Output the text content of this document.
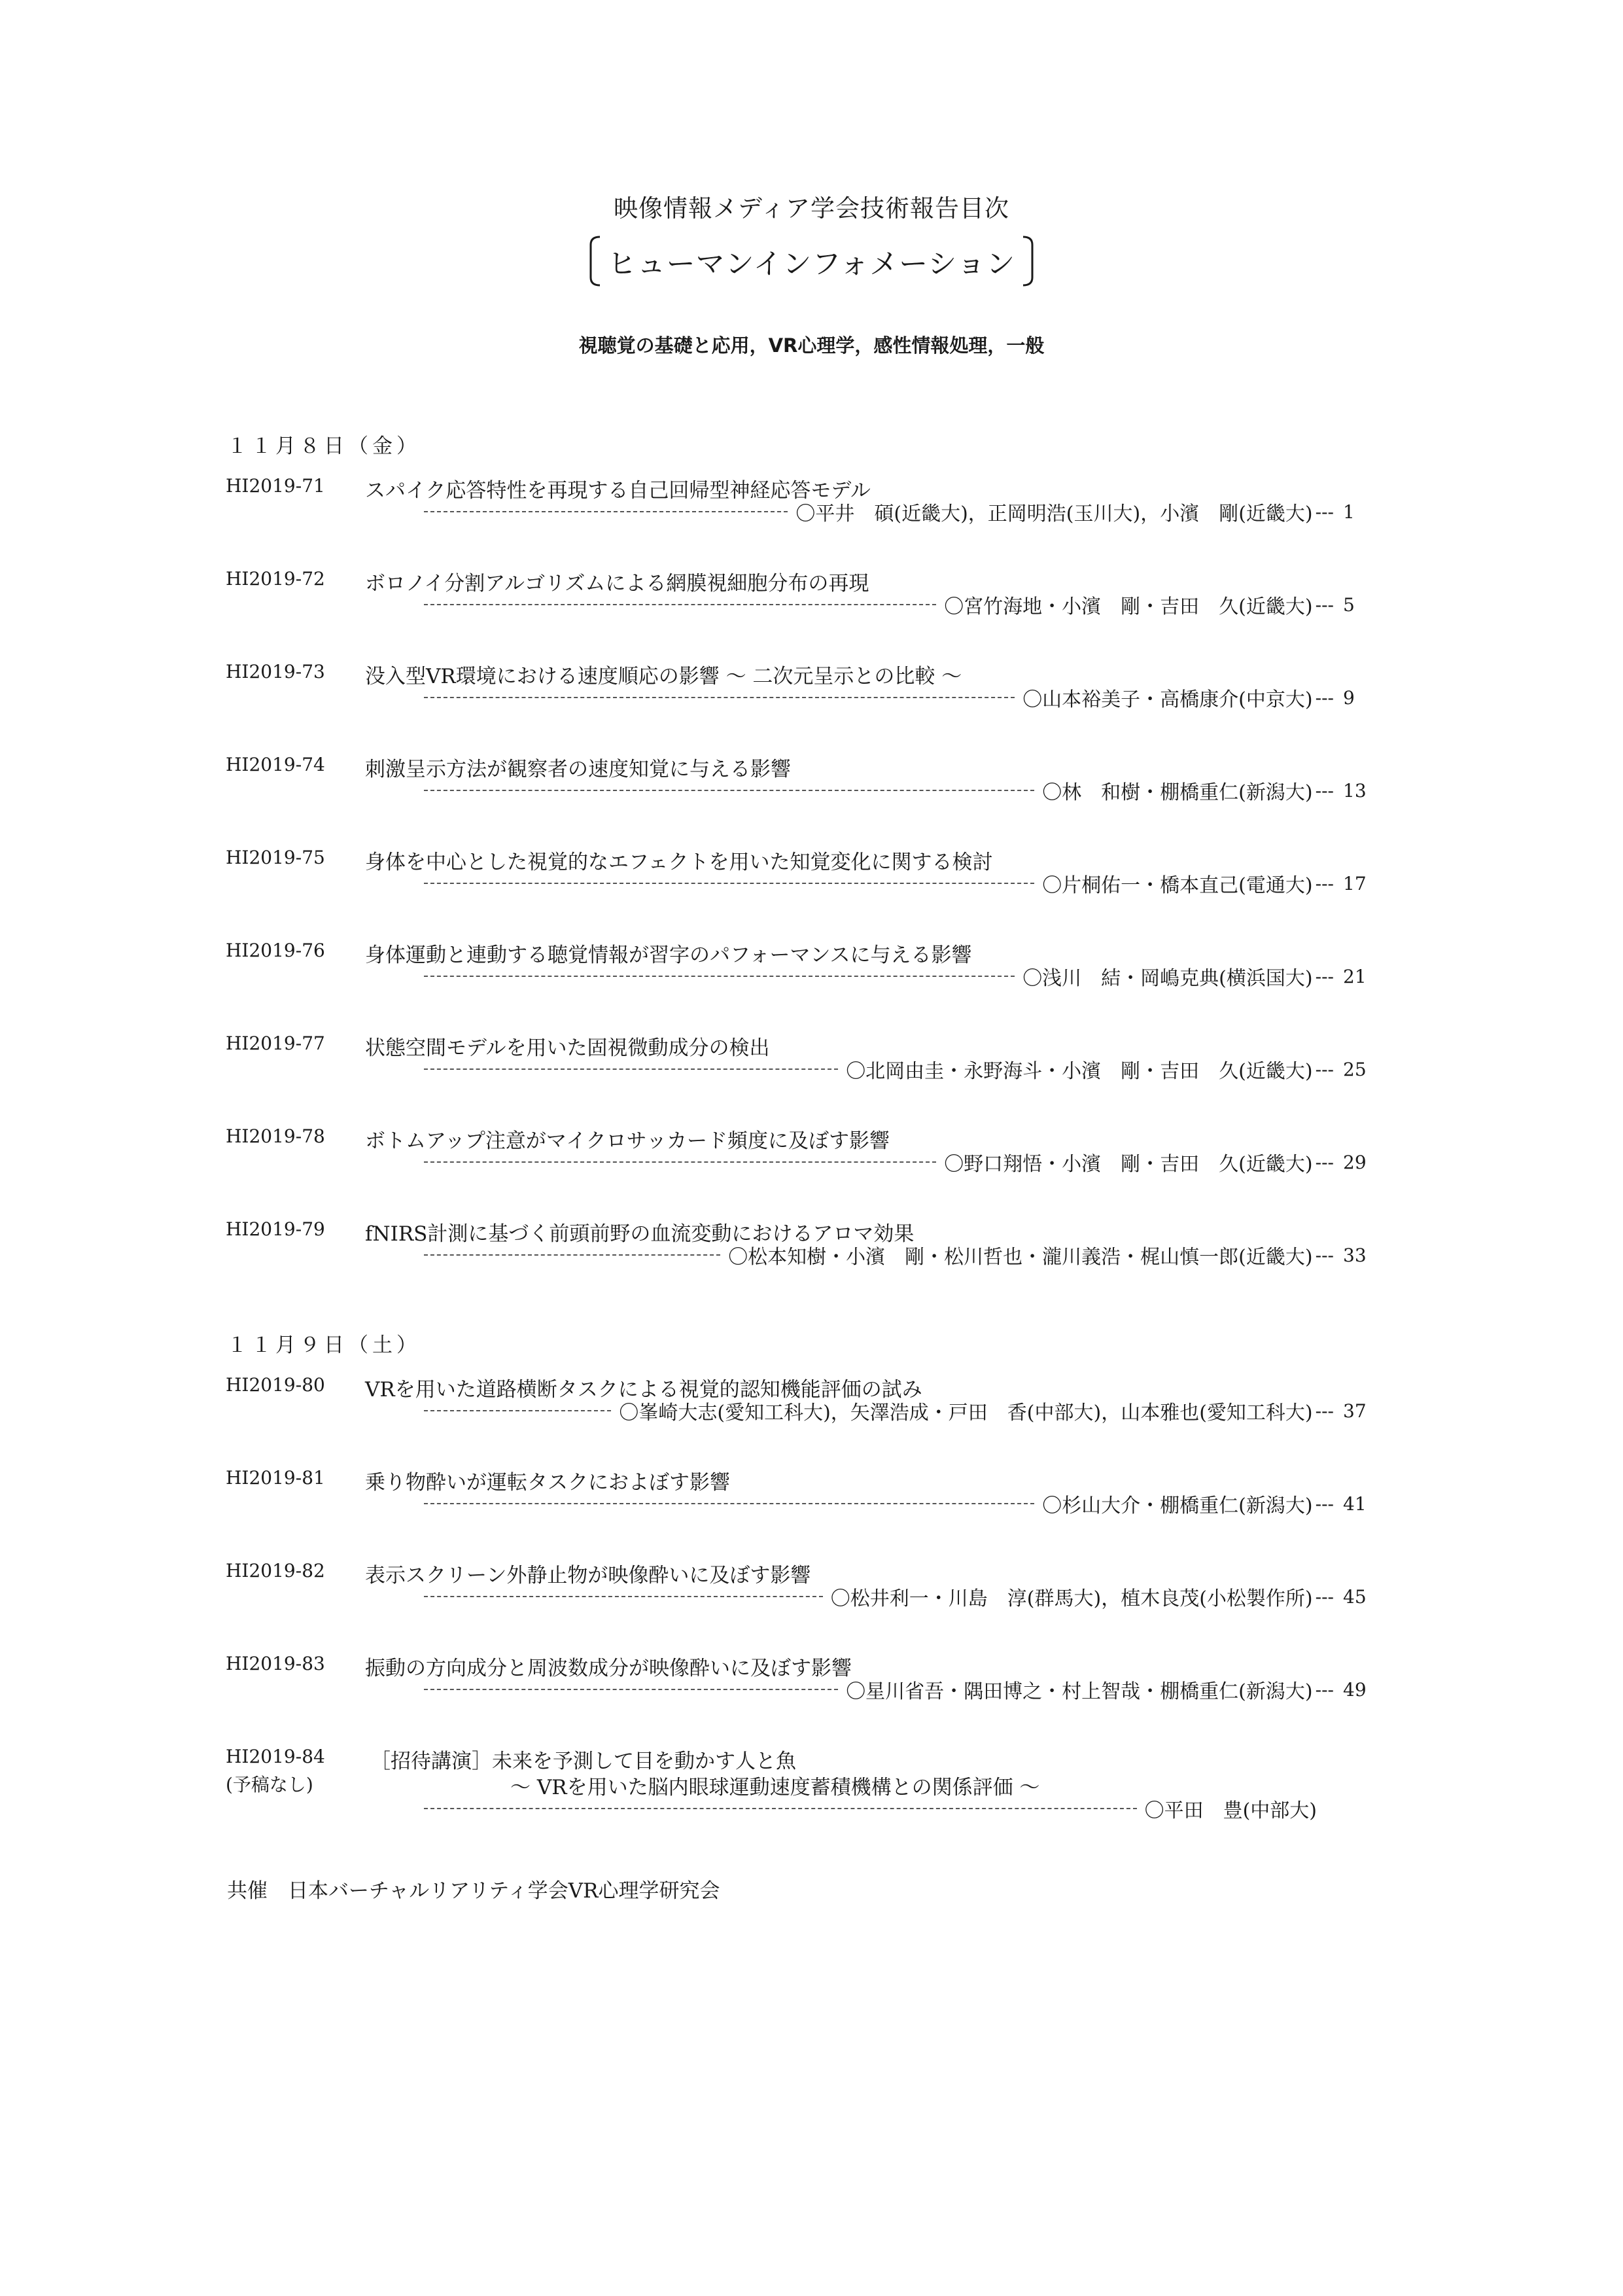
映像情報メディア学会技術報告目次
ヒューマンインフォメーション
視聴覚の基礎と応用，VR心理学，感性情報処理，一般
１１月８日（金）
HI2019-71 スパイク応答特性を再現する自己回帰型神経応答モデル
〇平井　碩(近畿大)，正岡明浩(玉川大)，小濱　剛(近畿大) --- 1
HI2019-72 ボロノイ分割アルゴリズムによる網膜視細胞分布の再現
〇宮竹海地・小濱　剛・吉田　久(近畿大) --- 5
HI2019-73 没入型VR環境における速度順応の影響 ～ 二次元呈示との比較 ～
〇山本裕美子・高橋康介(中京大) --- 9
HI2019-74 刺激呈示方法が観察者の速度知覚に与える影響
〇林　和樹・棚橋重仁(新潟大) --- 13
HI2019-75 身体を中心とした視覚的なエフェクトを用いた知覚変化に関する検討
〇片桐佑一・橋本直己(電通大) --- 17
HI2019-76 身体運動と連動する聴覚情報が習字のパフォーマンスに与える影響
〇浅川　結・岡嶋克典(横浜国大) --- 21
HI2019-77 状態空間モデルを用いた固視微動成分の検出
〇北岡由圭・永野海斗・小濱　剛・吉田　久(近畿大) --- 25
HI2019-78 ボトムアップ注意がマイクロサッカード頻度に及ぼす影響
〇野口翔悟・小濱　剛・吉田　久(近畿大) --- 29
HI2019-79 fNIRS計測に基づく前頭前野の血流変動におけるアロマ効果
〇松本知樹・小濱　剛・松川哲也・瀧川義浩・梶山慎一郎(近畿大) --- 33
１１月９日（土）
HI2019-80 VRを用いた道路横断タスクによる視覚的認知機能評価の試み
〇峯崎大志(愛知工科大)，矢澤浩成・戸田　香(中部大)，山本雅也(愛知工科大) --- 37
HI2019-81 乗り物酔いが運転タスクにおよぼす影響
〇杉山大介・棚橋重仁(新潟大) --- 41
HI2019-82 表示スクリーン外静止物が映像酔いに及ぼす影響
〇松井利一・川島　淳(群馬大)，植木良茂(小松製作所) --- 45
HI2019-83 振動の方向成分と周波数成分が映像酔いに及ぼす影響
〇星川省吾・隅田博之・村上智哉・棚橋重仁(新潟大) --- 49
HI2019-84
(予稿なし)
［招待講演］未来を予測して目を動かす人と魚
～ VRを用いた脳内眼球運動速度蓄積機構との関係評価 ～
〇平田　豊(中部大)
共催　日本バーチャルリアリティ学会VR心理学研究会
